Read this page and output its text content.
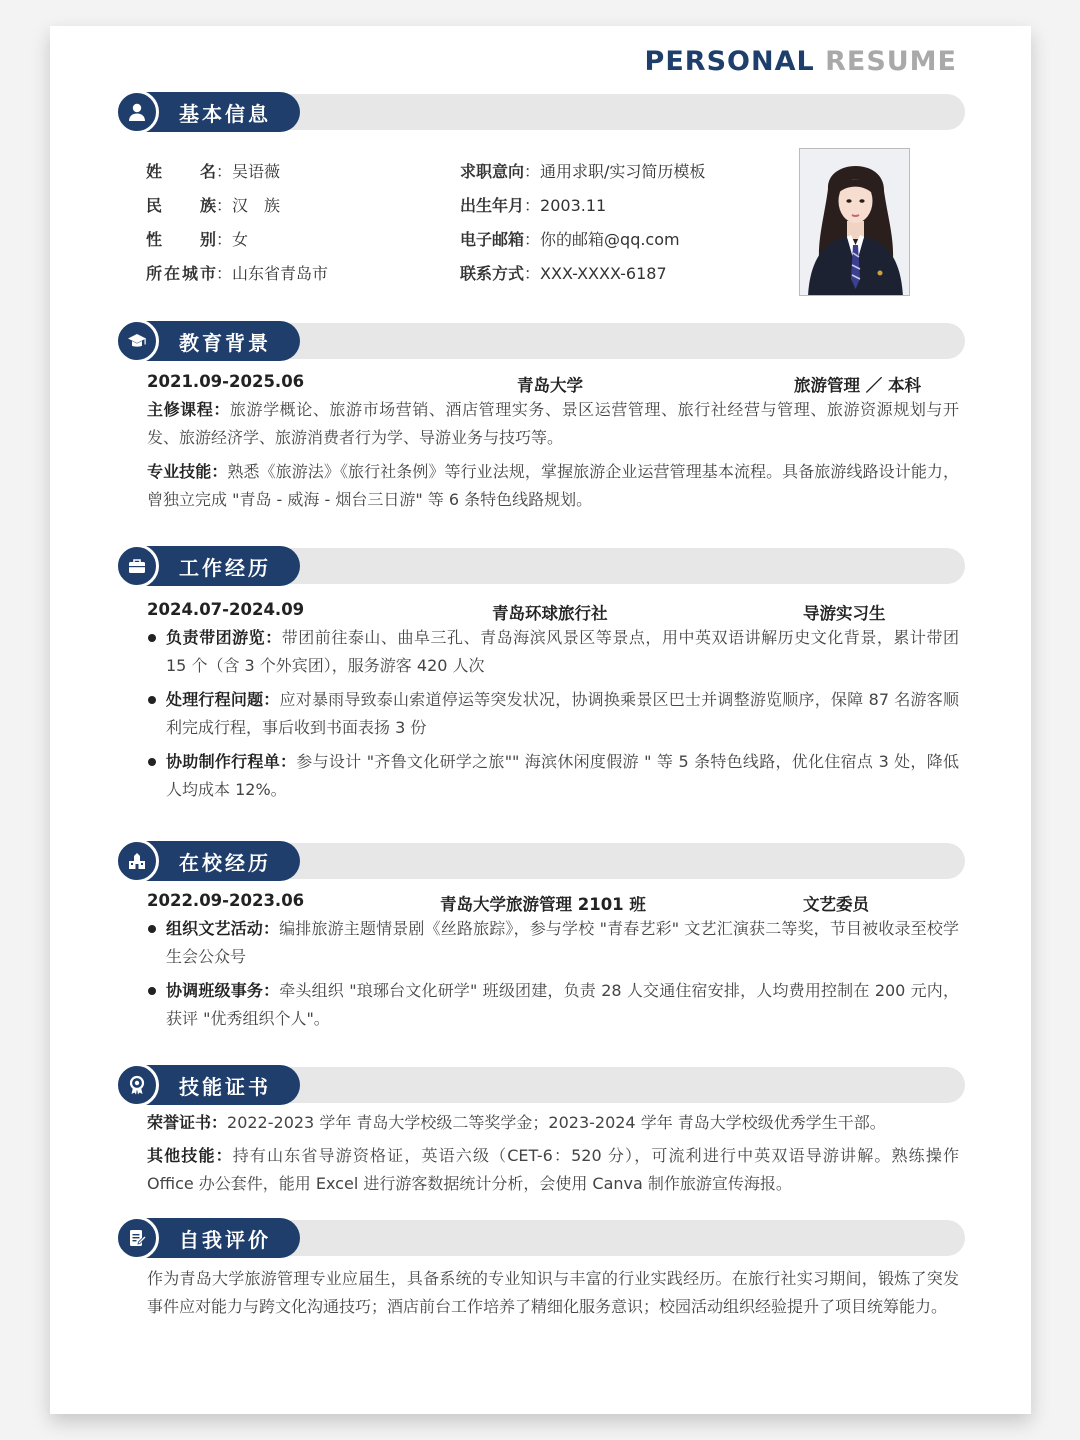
PERSONAL RESUME
基本信息
姓　　名：吴语薇
民　　族：汉　族
性　　别：女
所在城市：山东省青岛市
求职意向：通用求职/实习简历模板
出生年月：2003.11
电子邮箱：你的邮箱@qq.com
联系方式：XXX-XXXX-6187
教育背景
2021.09-2025.06	青岛大学	旅游管理 ／ 本科
主修课程：旅游学概论、旅游市场营销、酒店管理实务、景区运营管理、旅行社经营与管理、旅游资源规划与开发、旅游经济学、旅游消费者行为学、导游业务与技巧等。
专业技能：熟悉《旅游法》《旅行社条例》等行业法规，掌握旅游企业运营管理基本流程。具备旅游线路设计能力，曾独立完成 "青岛 - 威海 - 烟台三日游" 等 6 条特色线路规划。
工作经历
2024.07-2024.09	青岛环球旅行社	导游实习生
负责带团游览：带团前往泰山、曲阜三孔、青岛海滨风景区等景点，用中英双语讲解历史文化背景，累计带团 15 个（含 3 个外宾团），服务游客 420 人次
处理行程问题：应对暴雨导致泰山索道停运等突发状况，协调换乘景区巴士并调整游览顺序，保障 87 名游客顺利完成行程，事后收到书面表扬 3 份
协助制作行程单：参与设计 "齐鲁文化研学之旅"" 海滨休闲度假游 " 等 5 条特色线路，优化住宿点 3 处，降低人均成本 12%。
在校经历
2022.09-2023.06	青岛大学旅游管理 2101 班	文艺委员
组织文艺活动：编排旅游主题情景剧《丝路旅踪》，参与学校 "青春艺彩" 文艺汇演获二等奖，节目被收录至校学生会公众号
协调班级事务：牵头组织 "琅琊台文化研学" 班级团建，负责 28 人交通住宿安排，人均费用控制在 200 元内，获评 "优秀组织个人"。
技能证书
荣誉证书：2022-2023 学年 青岛大学校级二等奖学金；2023-2024 学年 青岛大学校级优秀学生干部。
其他技能：持有山东省导游资格证，英语六级（CET-6：520 分），可流利进行中英双语导游讲解。熟练操作 Office 办公套件，能用 Excel 进行游客数据统计分析，会使用 Canva 制作旅游宣传海报。
自我评价
作为青岛大学旅游管理专业应届生，具备系统的专业知识与丰富的行业实践经历。在旅行社实习期间，锻炼了突发事件应对能力与跨文化沟通技巧；酒店前台工作培养了精细化服务意识；校园活动组织经验提升了项目统筹能力。
